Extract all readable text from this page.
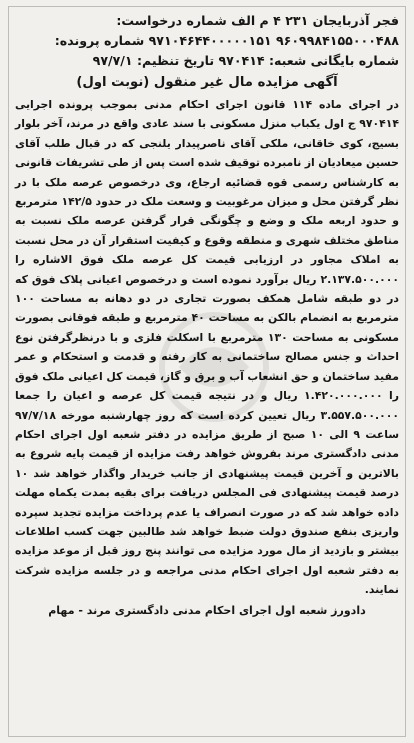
فجر آذربایجان ۲۳۱ ۴ م الف شماره درخواست:
۹۶۰۹۹۸۴۱۵۵۰۰۰۴۸۸ ۹۷۱۰۴۶۴۴۰۰۰۰۰۱۵۱ شماره پرونده:
شماره بایگانی شعبه: ۹۷۰۴۱۴ تاریخ تنظیم: ۹۷/۷/۱
آگهی مزایده مال غیر منقول (نوبت اول)
در اجرای ماده ۱۱۴ قانون اجرای احکام مدنی بموجب پرونده اجرایی ۹۷۰۴۱۴ ج اول یکباب منزل مسکونی با سند عادی واقع در مرند، آخر بلوار بسیج، کوی خاقانی، ملکی آقای ناصرپیدار یلنجی که در قبال طلب آقای حسین میعادیان از نامبرده توقیف شده است پس از طی تشریفات قانونی به کارشناس رسمی قوه قضائیه ارجاع، وی درخصوص عرصه ملک با در نظر گرفتن محل و میزان مرغوبیت و وسعت ملک در حدود ۱۴۲/۵ مترمربع و حدود اربعه ملک و وضع و چگونگی قرار گرفتن عرصه ملک نسبت به مناطق مختلف شهری و منطقه وقوع و کیفیت استقرار آن در محل نسبت به املاک مجاور در ارزیابی قیمت کل عرصه ملک فوق الاشاره را ۲.۱۳۷.۵۰۰.۰۰۰ ریال برآورد نموده است و درخصوص اعیانی پلاک فوق که در دو طبقه شامل همکف بصورت تجاری در دو دهانه به مساحت ۱۰۰ مترمربع به انضمام بالکن به مساحت ۴۰ مترمربع و طبقه فوقانی بصورت مسکونی به مساحت ۱۳۰ مترمربع با اسکلت فلزی و با درنظرگرفتن نوع احداث و جنس مصالح ساختمانی به کار رفته و قدمت و استحکام و عمر مفید ساختمان و حق انشعاب آب و برق و گاز، قیمت کل اعیانی ملک فوق را ۱.۴۲۰.۰۰۰.۰۰۰ ریال و در نتیجه قیمت کل عرصه و اعیان را جمعا ۳.۵۵۷.۵۰۰.۰۰۰ ریال تعیین کرده است که روز چهارشنبه مورخه ۹۷/۷/۱۸ ساعت ۹ الی ۱۰ صبح از طریق مزایده در دفتر شعبه اول اجرای احکام مدنی دادگستری مرند بفروش خواهد رفت مزایده از قیمت پایه شروع به بالاترین و آخرین قیمت پیشنهادی از جانب خریدار واگذار خواهد شد ۱۰ درصد قیمت پیشنهادی فی المجلس دریافت برای بقیه بمدت یکماه مهلت داده خواهد شد که در صورت انصراف یا عدم پرداخت مزایده تجدید سپرده واریزی بنفع صندوق دولت ضبط خواهد شد طالبین جهت کسب اطلاعات بیشتر و بازدید از مال مورد مزایده می توانند پنج روز قبل از موعد مزایده به دفتر شعبه اول اجرای احکام مدنی مراجعه و در جلسه مزایده شرکت نمایند.
دادورز شعبه اول اجرای احکام مدنی دادگستری مرند - مهام
